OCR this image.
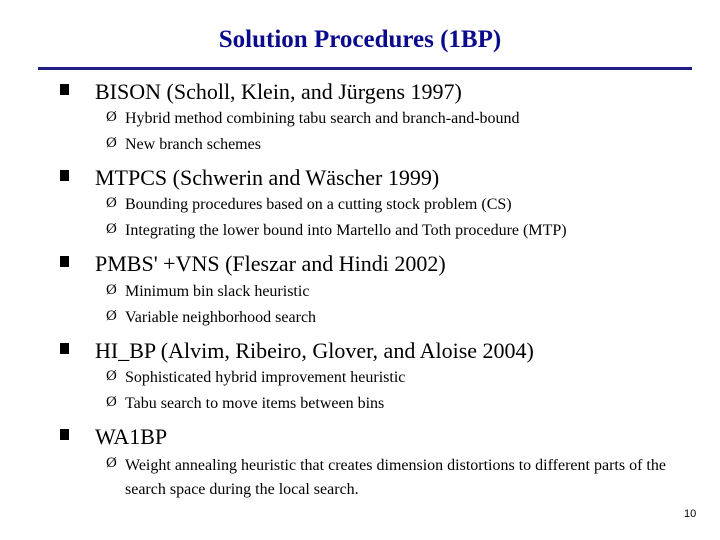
Solution Procedures (1BP)
BISON (Scholl, Klein, and Jürgens 1997)
Ø Hybrid method combining tabu search and branch-and-bound
Ø New branch schemes
MTPCS (Schwerin and Wäscher 1999)
Ø Bounding procedures based on a cutting stock problem (CS)
Ø Integrating the lower bound into Martello and Toth procedure (MTP)
PMBS' +VNS (Fleszar and Hindi 2002)
Ø Minimum bin slack heuristic
Ø Variable neighborhood search
HI_BP (Alvim, Ribeiro, Glover, and Aloise 2004)
Ø Sophisticated hybrid improvement heuristic
Ø Tabu search to move items between bins
WA1BP
Ø Weight annealing heuristic that creates dimension distortions to different parts of the search space during the local search.
10
